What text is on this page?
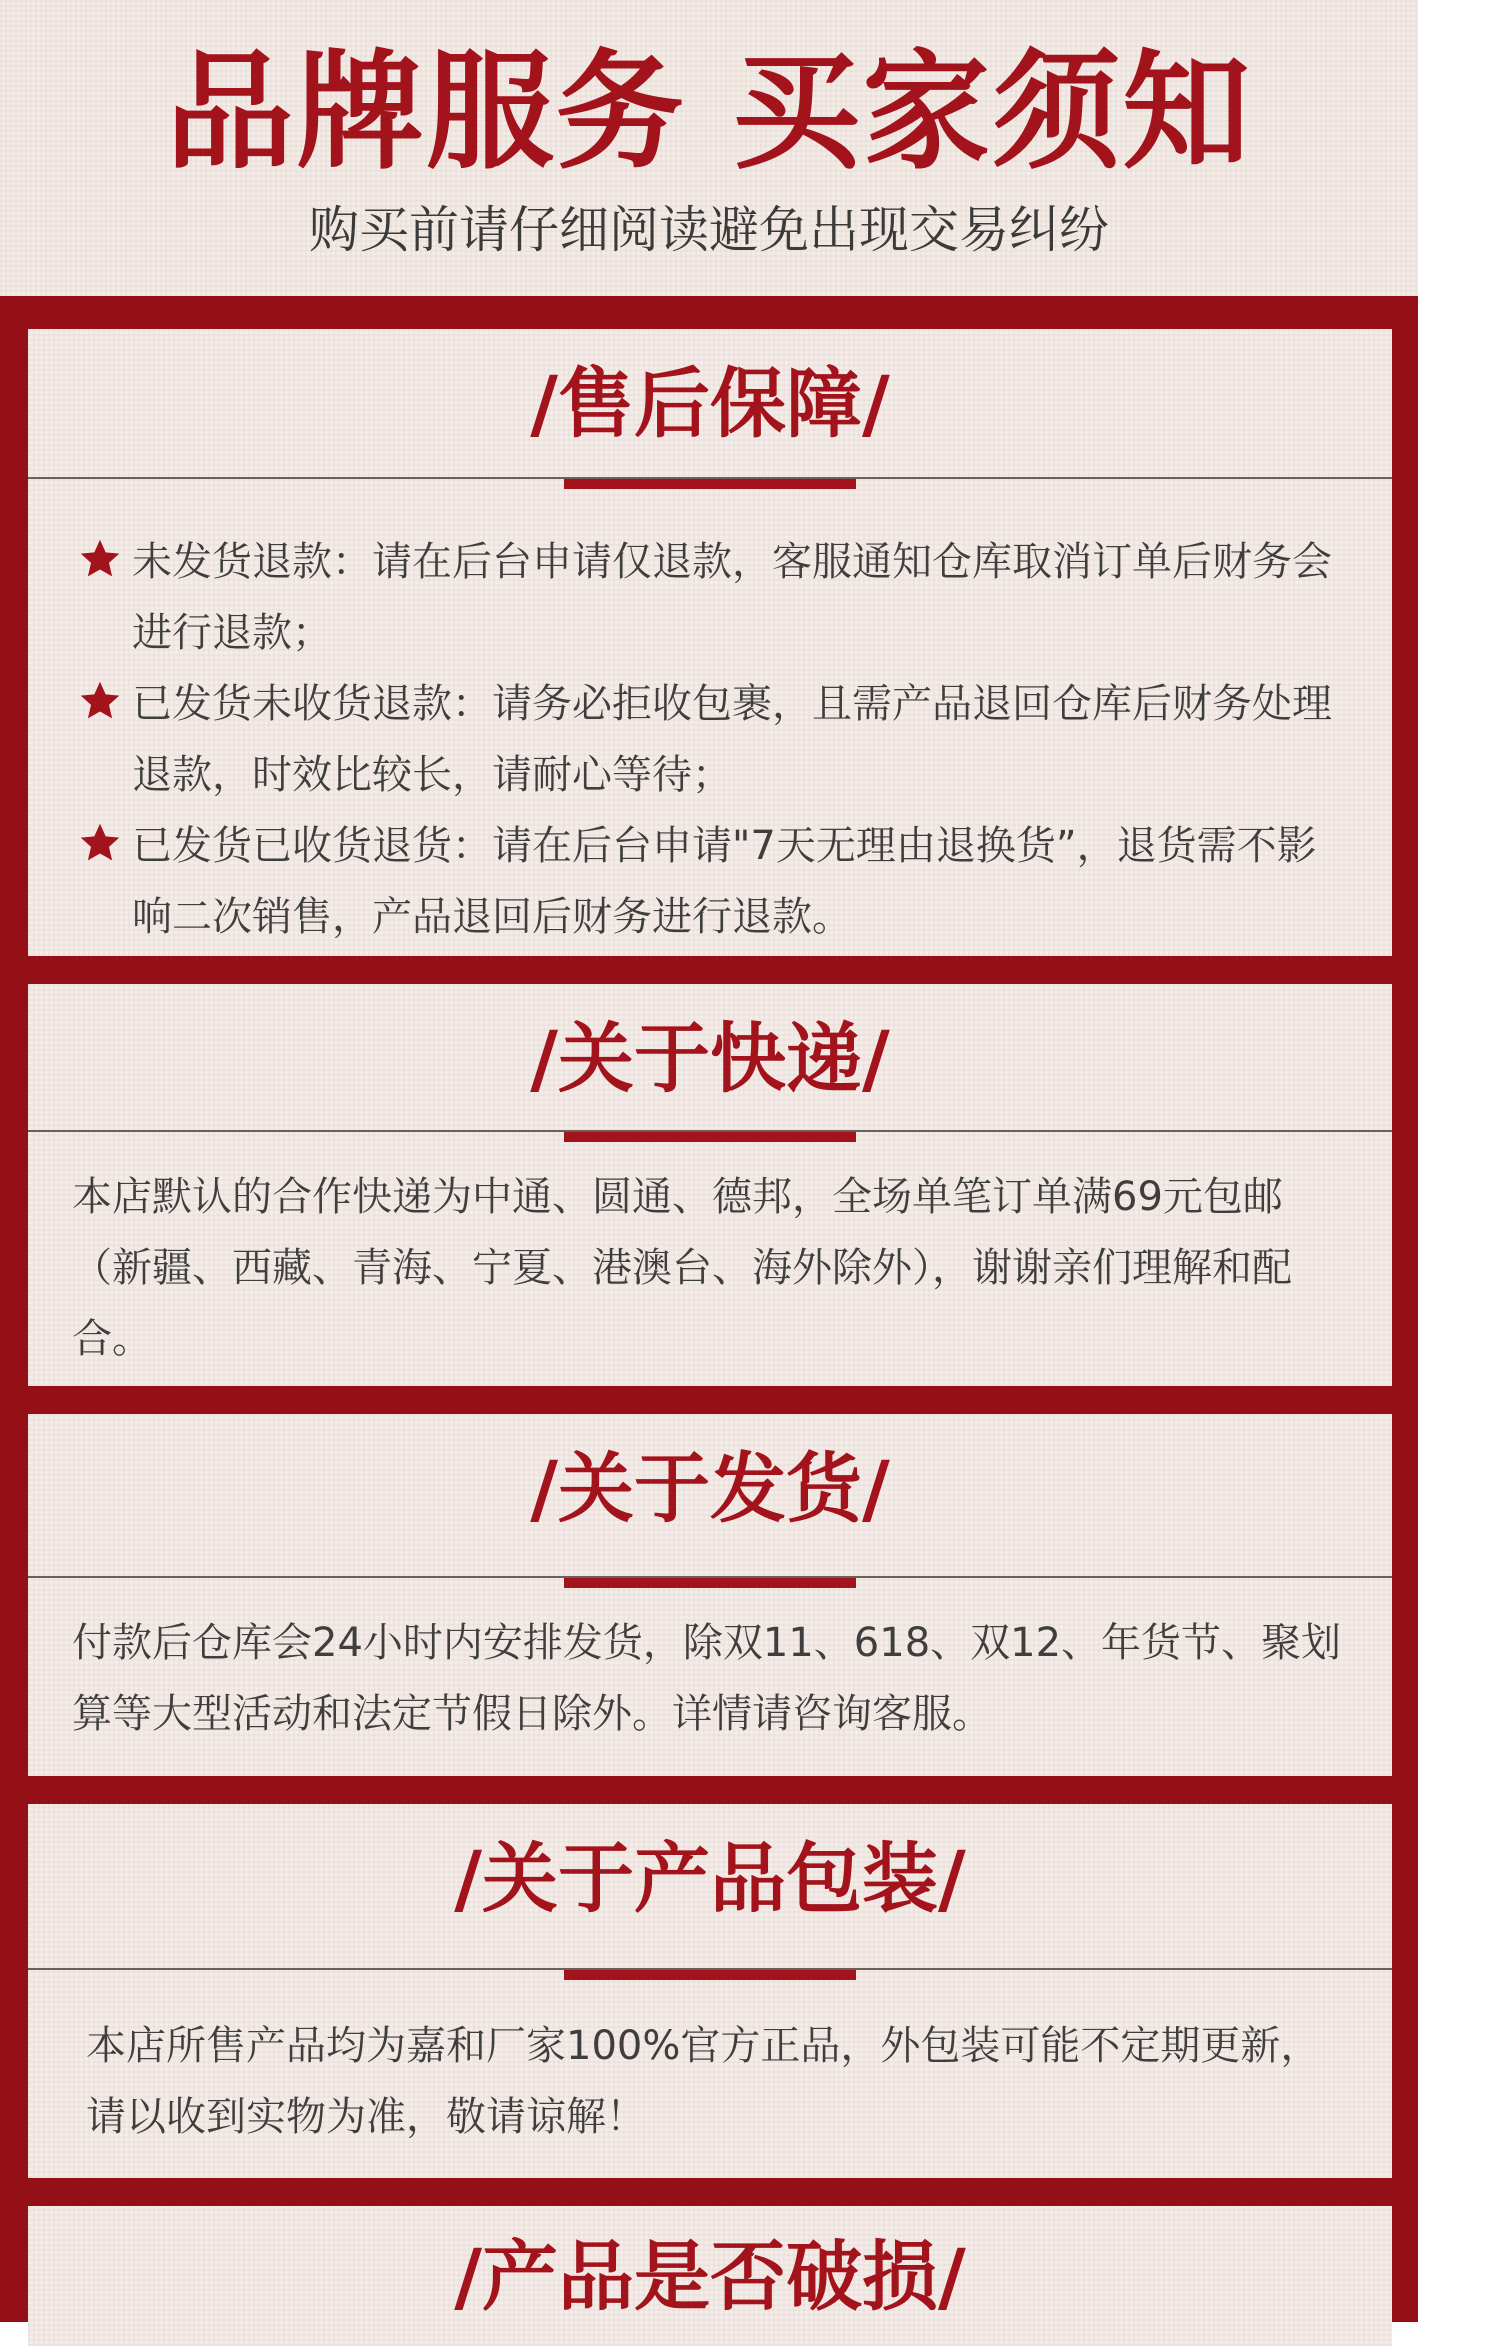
品牌服务 买家须知
购买前请仔细阅读避免出现交易纠纷
/售后保障/
未发货退款：请在后台申请仅退款，客服通知仓库取消订单后财务会进行退款；
已发货未收货退款：请务必拒收包裹，且需产品退回仓库后财务处理退款，时效比较长，请耐心等待；
已发货已收货退货：请在后台申请"7天无理由退换货”，退货需不影响二次销售，产品退回后财务进行退款。
/关于快递/

本店默认的合作快递为中通、圆通、德邦，全场单笔订单满69元包邮（新疆、西藏、青海、宁夏、港澳台、海外除外），谢谢亲们理解和配合。

/关于发货/

付款后仓库会24小时内安排发货，除双11、618、双12、年货节、聚划算等大型活动和法定节假日除外。详情请咨询客服。

/关于产品包装/

本店所售产品均为嘉和厂家100%官方正品，外包装可能不定期更新，请以收到实物为准，敬请谅解！

/产品是否破损/
